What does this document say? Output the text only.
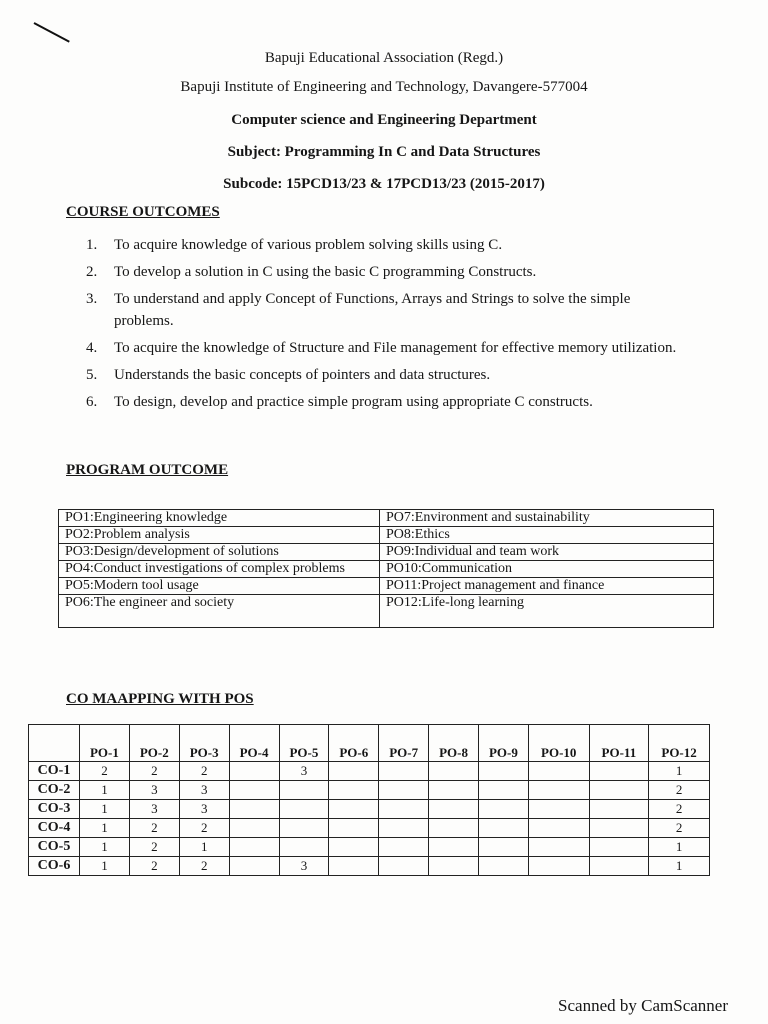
Bapuji Educational Association (Regd.)
Bapuji Institute of Engineering and Technology, Davangere-577004
Computer science and Engineering Department
Subject: Programming In C and Data Structures
Subcode: 15PCD13/23 & 17PCD13/23 (2015-2017)
COURSE OUTCOMES
1. To acquire knowledge of various problem solving skills using C.
2. To develop a solution in C using the basic C programming Constructs.
3. To understand and apply Concept of Functions, Arrays and Strings to solve the simple problems.
4. To acquire the knowledge of Structure and File management for effective memory utilization.
5. Understands the basic concepts of pointers and data structures.
6. To design, develop and practice simple program using appropriate C constructs.
PROGRAM OUTCOME
PO1:Engineering knowledge	PO7:Environment and sustainability
PO2:Problem analysis	PO8:Ethics
PO3:Design/development of solutions	PO9:Individual and team work
PO4:Conduct investigations of complex problems	PO10:Communication
PO5:Modern tool usage	PO11:Project management and finance
PO6:The engineer and society	PO12:Life-long learning
CO MAAPPING WITH POS
	PO-1	PO-2	PO-3	PO-4	PO-5	PO-6	PO-7	PO-8	PO-9	PO-10	PO-11	PO-12
CO-1	2	2	2		3							1
CO-2	1	3	3									2
CO-3	1	3	3									2
CO-4	1	2	2									2
CO-5	1	2	1									1
CO-6	1	2	2		3							1
Scanned by CamScanner
